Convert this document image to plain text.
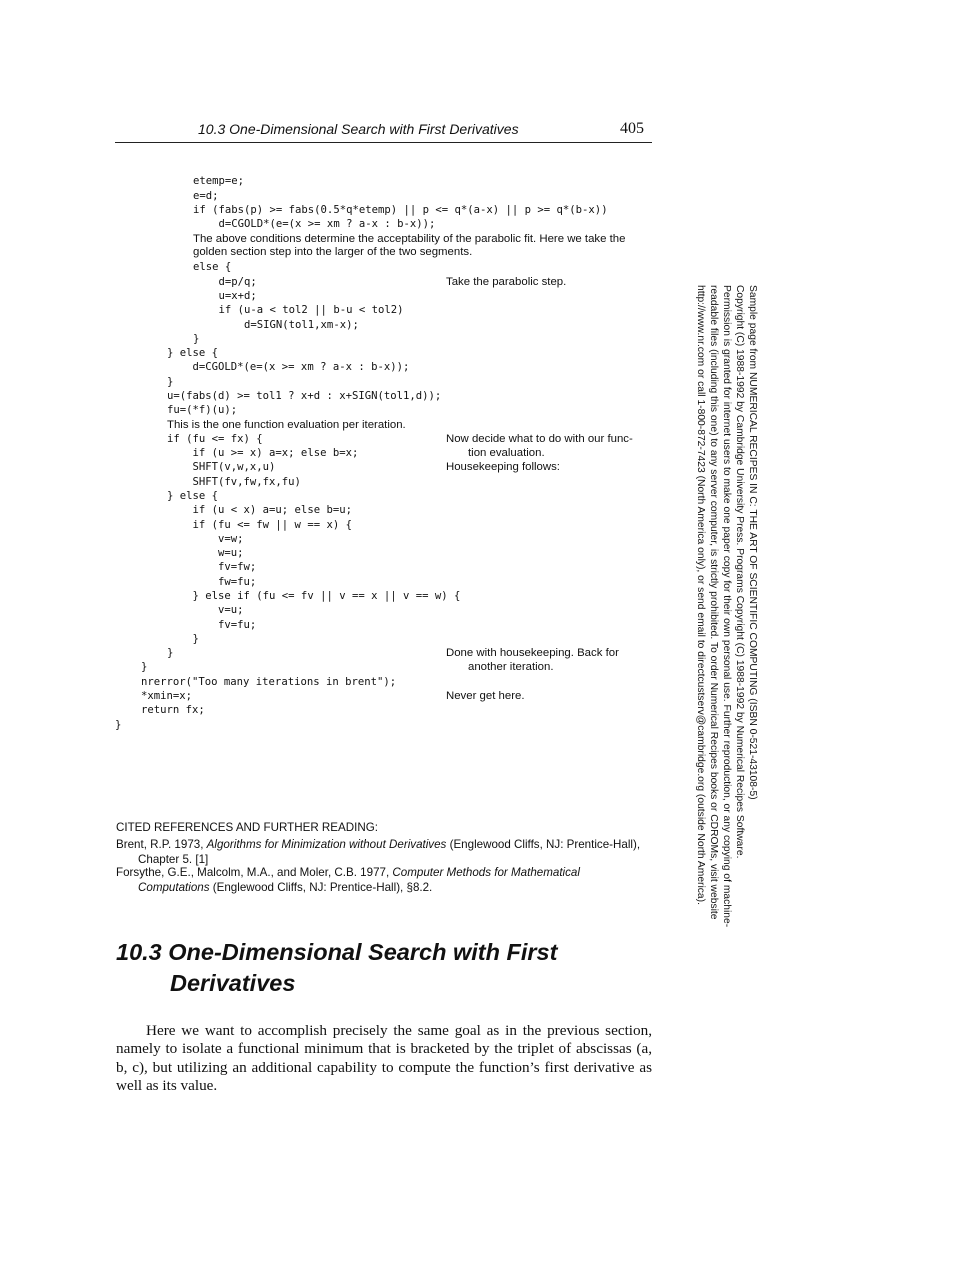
10.3 One-Dimensional Search with First Derivatives	405
etemp=e;
e=d;
if (fabs(p) >= fabs(0.5*q*etemp) || p <= q*(a-x) || p >= q*(b-x))
d=CGOLD*(e=(x >= xm ? a-x : b-x));
The above conditions determine the acceptability of the parabolic fit. Here we take the golden section step into the larger of the two segments.
else {
d=p/q;
u=x+d;
if (u-a < tol2 || b-u < tol2)
d=SIGN(tol1,xm-x);
}
} else {
d=CGOLD*(e=(x >= xm ? a-x : b-x));
}
u=(fabs(d) >= tol1 ? x+d : x+SIGN(tol1,d));
fu=(*f)(u);
This is the one function evaluation per iteration.
if (fu <= fx) {
if (u >= x) a=x; else b=x;
SHFT(v,w,x,u)
SHFT(fv,fw,fx,fu)
} else {
if (u < x) a=u; else b=u;
if (fu <= fw || w == x) {
v=w;
w=u;
fv=fw;
fw=fu;
} else if (fu <= fv || v == x || v == w) {
v=u;
fv=fu;
}
}
}
nrerror("Too many iterations in brent");
*xmin=x;
return fx;
}
Take the parabolic step.
Now decide what to do with our func-
tion evaluation.
Housekeeping follows:
Done with housekeeping. Back for
another iteration.
Never get here.
CITED REFERENCES AND FURTHER READING:
Brent, R.P. 1973, Algorithms for Minimization without Derivatives (Englewood Cliffs, NJ: Prentice-Hall), Chapter 5. [1]
Forsythe, G.E., Malcolm, M.A., and Moler, C.B. 1977, Computer Methods for Mathematical Computations (Englewood Cliffs, NJ: Prentice-Hall), §8.2.
10.3 One-Dimensional Search with First
Derivatives

Here we want to accomplish precisely the same goal as in the previous section, namely to isolate a functional minimum that is bracketed by the triplet of abscissas (a, b, c), but utilizing an additional capability to compute the function’s first derivative as well as its value.

Sample page from NUMERICAL RECIPES IN C: THE ART OF SCIENTIFIC COMPUTING (ISBN 0-521-43108-5)
Copyright (C) 1988-1992 by Cambridge University Press. Programs Copyright (C) 1988-1992 by Numerical Recipes Software.
Permission is granted for internet users to make one paper copy for their own personal use. Further reproduction, or any copying of machine-
readable files (including this one) to any server computer, is strictly prohibited. To order Numerical Recipes books or CDROMs, visit website
http://www.nr.com or call 1-800-872-7423 (North America only), or send email to directcustserv@cambridge.org (outside North America).
